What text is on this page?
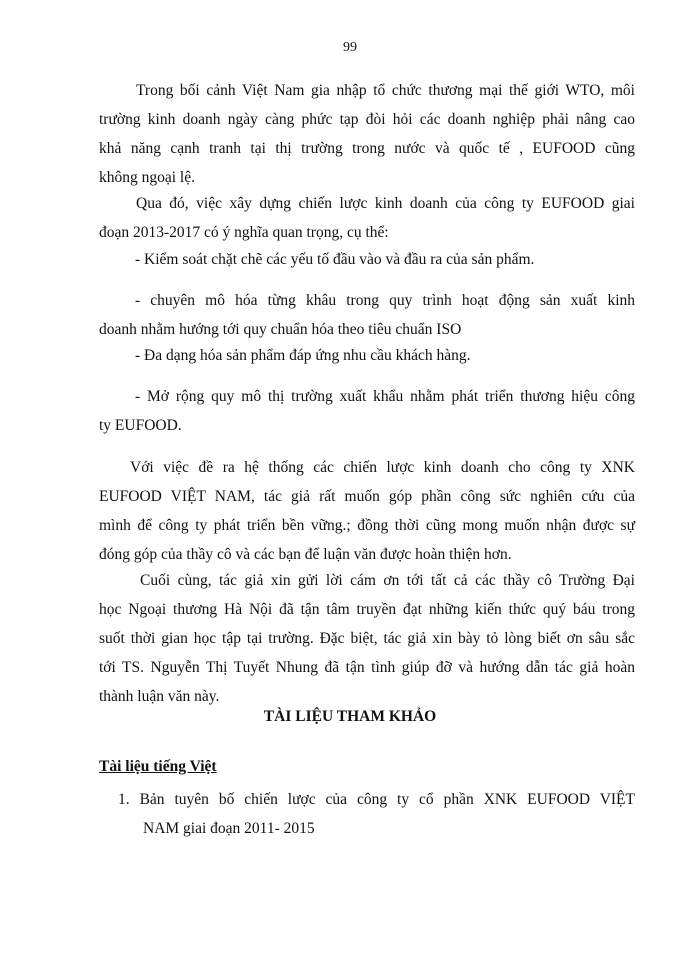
99
Trong bối cảnh Việt Nam gia nhập tổ chức thương mại thế giới WTO, môi
trường kinh doanh ngày càng phức tạp đòi hỏi các doanh nghiệp phải nâng cao
khả năng cạnh tranh tại thị trường trong nước và quốc tế , EUFOOD cũng
không ngoại lệ.
Qua đó, việc xây dựng chiến lược kinh doanh của công ty EUFOOD giai
đoạn 2013-2017 có ý nghĩa quan trọng, cụ thể:
- Kiểm soát chặt chẽ các yếu tố đầu vào và đầu ra của sản phẩm.
- chuyên mô hóa từng khâu trong quy trình hoạt động sản xuất kinh
doanh nhằm hướng tới quy chuẩn hóa theo tiêu chuẩn ISO
- Đa dạng hóa sản phẩm đáp ứng nhu cầu khách hàng.
- Mở rộng quy mô thị trường xuất khẩu nhằm phát triển thương hiệu công
ty EUFOOD.
Với việc đề ra hệ thống các chiến lược kinh doanh cho công ty XNK
EUFOOD VIỆT NAM, tác giả rất muốn góp phần công sức nghiên cứu của
mình để công ty phát triển bền vững.; đồng thời cũng mong muốn nhận được sự
đóng góp của thầy cô và các bạn để luận văn được hoàn thiện hơn.
Cuối cùng, tác giả xin gửi lời cám ơn tới tất cả các thầy cô Trường Đại
học Ngoại thương Hà Nội đã tận tâm truyền đạt những kiến thức quý báu trong
suốt thời gian học tập tại trường. Đặc biệt, tác giả xin bày tỏ lòng biết ơn sâu sắc
tới TS. Nguyễn Thị Tuyết Nhung đã tận tình giúp đỡ và hướng dẫn tác giả hoàn
thành luận văn này.
TÀI LIỆU THAM KHẢO
Tài liệu tiếng Việt
1. Bản tuyên bố chiến lược của công ty cổ phần XNK EUFOOD VIỆT
NAM giai đoạn 2011- 2015
